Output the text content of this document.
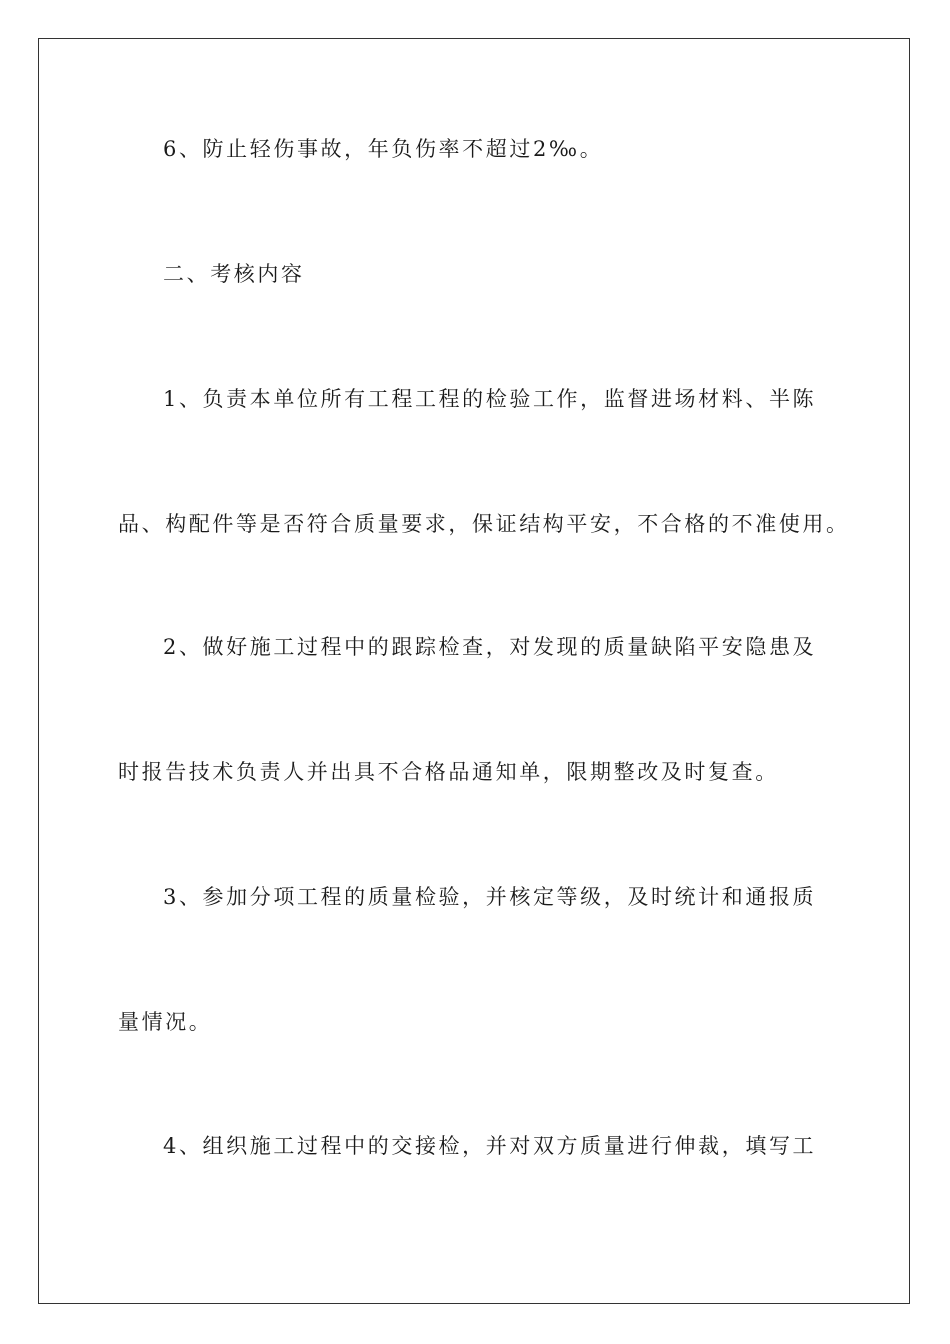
6、防止轻伤事故，年负伤率不超过2‰。
二、考核内容
1、负责本单位所有工程工程的检验工作，监督进场材料、半陈
品、构配件等是否符合质量要求，保证结构平安，不合格的不准使用。
2、做好施工过程中的跟踪检查，对发现的质量缺陷平安隐患及
时报告技术负责人并出具不合格品通知单，限期整改及时复查。
3、参加分项工程的质量检验，并核定等级，及时统计和通报质
量情况。
4、组织施工过程中的交接检，并对双方质量进行伸裁，填写工
